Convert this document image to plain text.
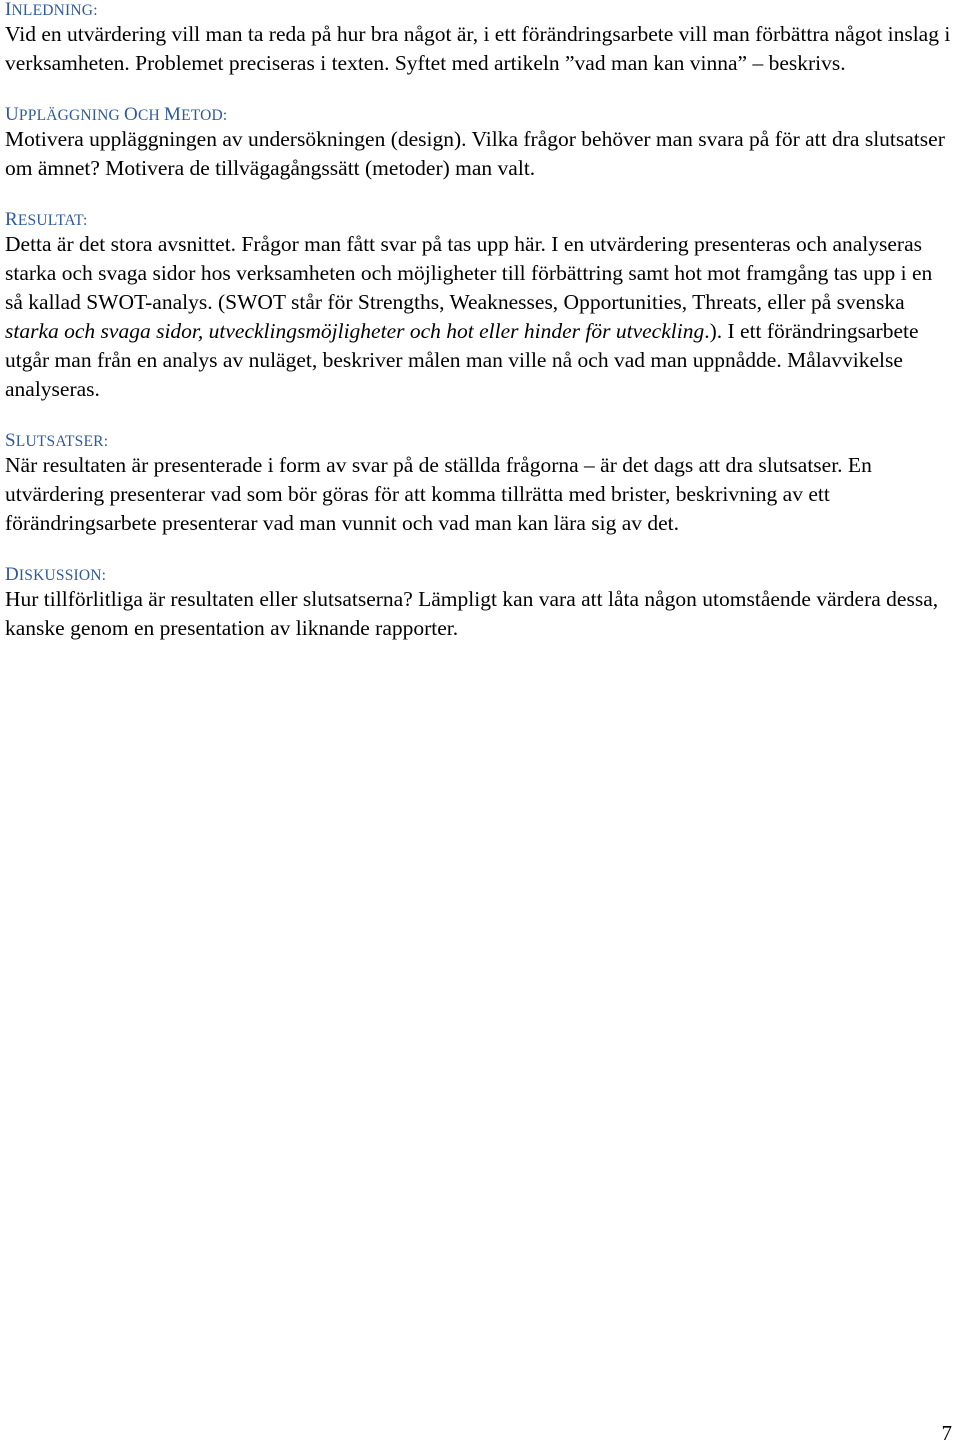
INLEDNING:

Vid en utvärdering vill man ta reda på hur bra något är, i ett förändringsarbete vill man förbättra något inslag i verksamheten. Problemet preciseras i texten. Syftet med artikeln ”vad man kan vinna” – beskrivs.

UPPLÄGGNING OCH METOD:

Motivera uppläggningen av undersökningen (design). Vilka frågor behöver man svara på för att dra slutsatser om ämnet? Motivera de tillvägagångssätt (metoder) man valt.

RESULTAT:

Detta är det stora avsnittet. Frågor man fått svar på tas upp här. I en utvärdering presenteras och analyseras starka och svaga sidor hos verksamheten och möjligheter till förbättring samt hot mot framgång tas upp i en så kallad SWOT-analys. (SWOT står för Strengths, Weaknesses, Opportunities, Threats, eller på svenska starka och svaga sidor, utvecklingsmöjligheter och hot eller hinder för utveckling.). I ett förändringsarbete utgår man från en analys av nuläget, beskriver målen man ville nå och vad man uppnådde. Målavvikelse analyseras.

SLUTSATSER:

När resultaten är presenterade i form av svar på de ställda frågorna – är det dags att dra slutsatser. En utvärdering presenterar vad som bör göras för att komma tillrätta med brister, beskrivning av ett förändringsarbete presenterar vad man vunnit och vad man kan lära sig av det.

DISKUSSION:

Hur tillförlitliga är resultaten eller slutsatserna? Lämpligt kan vara att låta någon utomstående värdera dessa, kanske genom en presentation av liknande rapporter.

7
